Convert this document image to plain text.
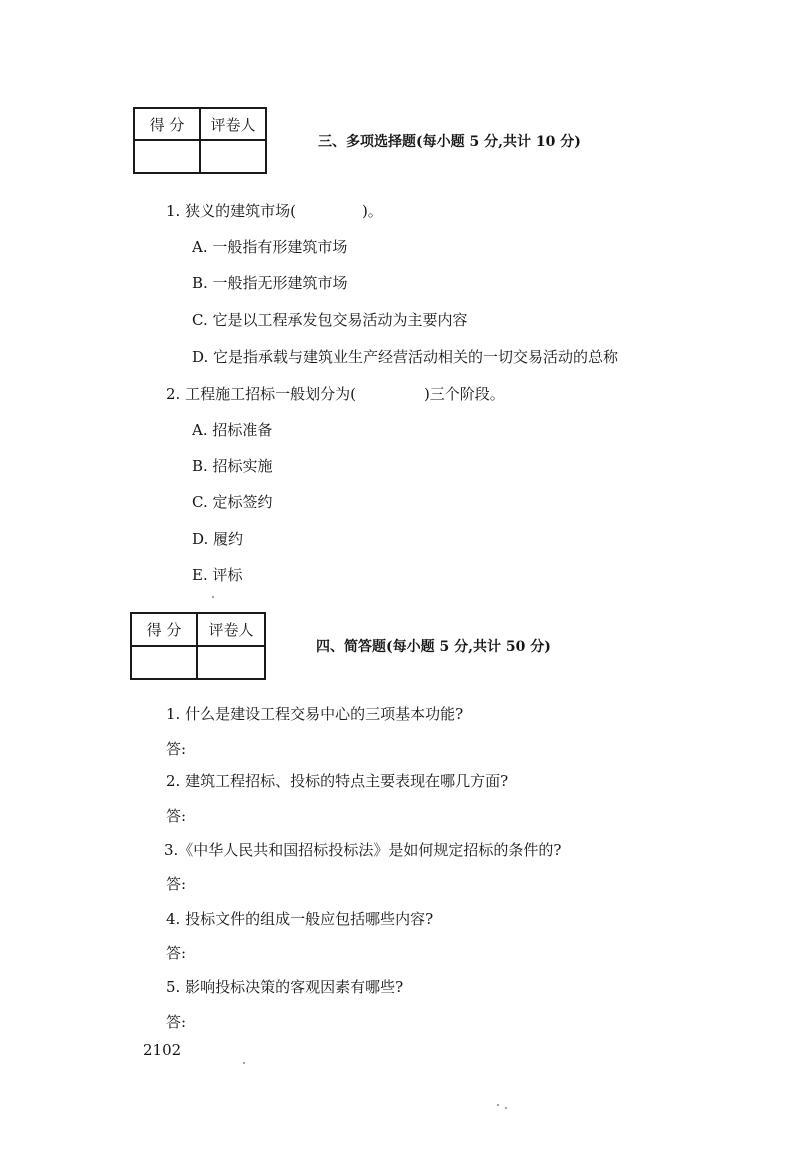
得 分	评卷人

三、多项选择题(每小题 5 分,共计 10 分)
1. 狭义的建筑市场(	)。
A. 一般指有形建筑市场
B. 一般指无形建筑市场
C. 它是以工程承发包交易活动为主要内容
D. 它是指承载与建筑业生产经营活动相关的一切交易活动的总称
2. 工程施工招标一般划分为(	)三个阶段。
A. 招标准备
B. 招标实施
C. 定标签约
D. 履约
E. 评标
得 分	评卷人

四、简答题(每小题 5 分,共计 50 分)
1. 什么是建设工程交易中心的三项基本功能?
答:
2. 建筑工程招标、投标的特点主要表现在哪几方面?
答:
3.《中华人民共和国招标投标法》是如何规定招标的条件的?
答:
4. 投标文件的组成一般应包括哪些内容?
答:
5. 影响投标决策的客观因素有哪些?
答:
2102
